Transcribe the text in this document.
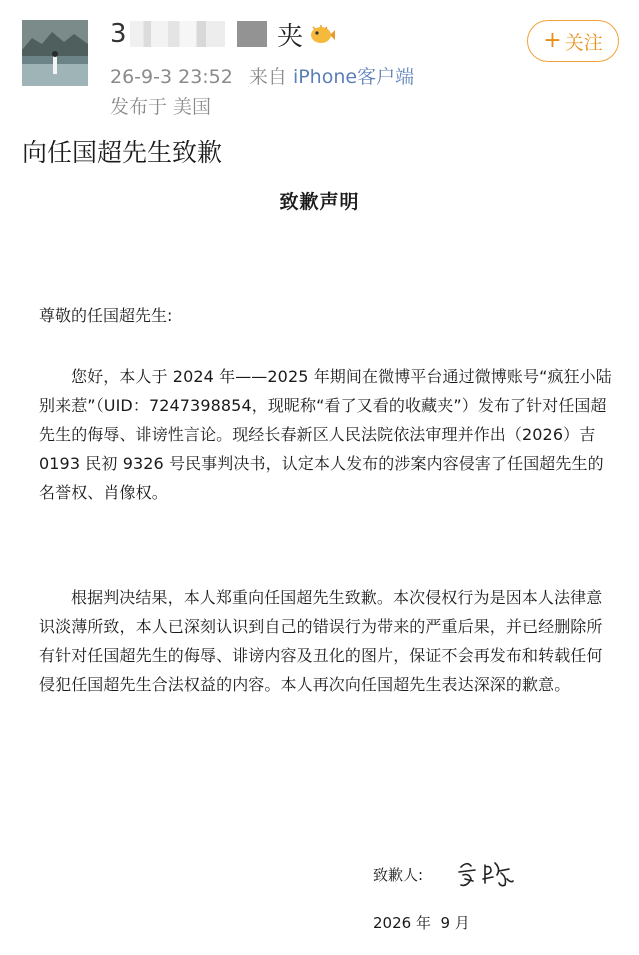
3	夹
26-9-3 23:52 来自 iPhone客户端
发布于 美国
+ 关注
向任国超先生致歉
致歉声明
尊敬的任国超先生:

您好，本人于 2024 年——2025 年期间在微博平台通过微博账号“疯狂小陆别来惹”（UID：7247398854，现昵称“看了又看的收藏夹”）发布了针对任国超先生的侮辱、诽谤性言论。现经长春新区人民法院依法审理并作出（2026）吉 0193 民初 9326 号民事判决书，认定本人发布的涉案内容侵害了任国超先生的名誉权、肖像权。

根据判决结果，本人郑重向任国超先生致歉。本次侵权行为是因本人法律意识淡薄所致，本人已深刻认识到自己的错误行为带来的严重后果，并已经删除所有针对任国超先生的侮辱、诽谤内容及丑化的图片，保证不会再发布和转载任何侵犯任国超先生合法权益的内容。本人再次向任国超先生表达深深的歉意。

致歉人:
2026 年  9 月
